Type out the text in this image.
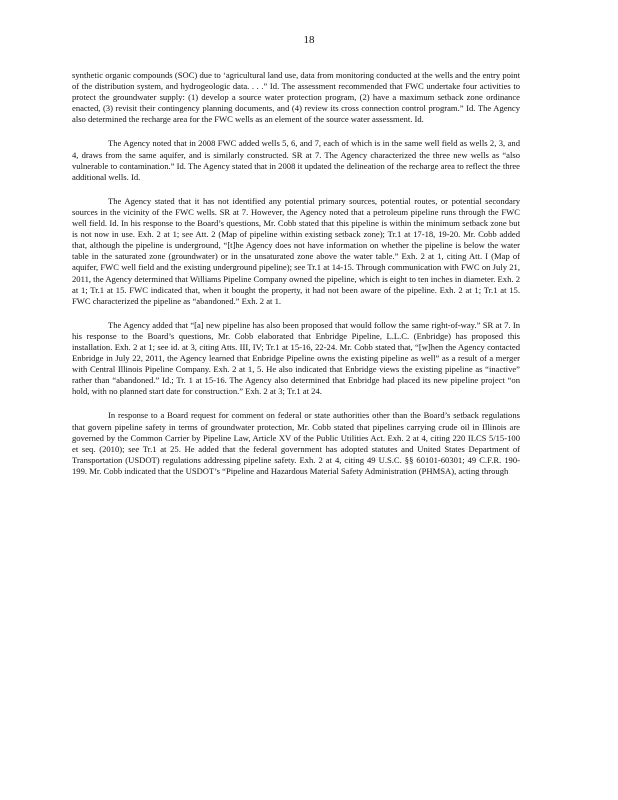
18

synthetic organic compounds (SOC) due to ‘agricultural land use, data from monitoring conducted at the wells and the entry point of the distribution system, and hydrogeologic data. . . .” Id. The assessment recommended that FWC undertake four activities to protect the groundwater supply: (1) develop a source water protection program, (2) have a maximum setback zone ordinance enacted, (3) revisit their contingency planning documents, and (4) review its cross connection control program.” Id. The Agency also determined the recharge area for the FWC wells as an element of the source water assessment. Id.

The Agency noted that in 2008 FWC added wells 5, 6, and 7, each of which is in the same well field as wells 2, 3, and 4, draws from the same aquifer, and is similarly constructed. SR at 7. The Agency characterized the three new wells as “also vulnerable to contamination.” Id. The Agency stated that in 2008 it updated the delineation of the recharge area to reflect the three additional wells. Id.

The Agency stated that it has not identified any potential primary sources, potential routes, or potential secondary sources in the vicinity of the FWC wells. SR at 7. However, the Agency noted that a petroleum pipeline runs through the FWC well field. Id. In his response to the Board’s questions, Mr. Cobb stated that this pipeline is within the minimum setback zone but is not now in use. Exh. 2 at 1; see Att. 2 (Map of pipeline within existing setback zone); Tr.1 at 17-18, 19-20. Mr. Cobb added that, although the pipeline is underground, “[t]he Agency does not have information on whether the pipeline is below the water table in the saturated zone (groundwater) or in the unsaturated zone above the water table.” Exh. 2 at 1, citing Att. I (Map of aquifer, FWC well field and the existing underground pipeline); see Tr.1 at 14-15. Through communication with FWC on July 21, 2011, the Agency determined that Williams Pipeline Company owned the pipeline, which is eight to ten inches in diameter. Exh. 2 at 1; Tr.1 at 15. FWC indicated that, when it bought the property, it had not been aware of the pipeline. Exh. 2 at 1; Tr.1 at 15. FWC characterized the pipeline as “abandoned.” Exh. 2 at 1.

The Agency added that “[a] new pipeline has also been proposed that would follow the same right-of-way.” SR at 7. In his response to the Board’s questions, Mr. Cobb elaborated that Enbridge Pipeline, L.L.C. (Enbridge) has proposed this installation. Exh. 2 at 1; see id. at 3, citing Atts. III, IV; Tr.1 at 15-16, 22-24. Mr. Cobb stated that, “[w]hen the Agency contacted Enbridge in July 22, 2011, the Agency learned that Enbridge Pipeline owns the existing pipeline as well” as a result of a merger with Central Illinois Pipeline Company. Exh. 2 at 1, 5. He also indicated that Enbridge views the existing pipeline as “inactive” rather than “abandoned.” Id.; Tr. 1 at 15-16. The Agency also determined that Enbridge had placed its new pipeline project “on hold, with no planned start date for construction.” Exh. 2 at 3; Tr.1 at 24.

In response to a Board request for comment on federal or state authorities other than the Board’s setback regulations that govern pipeline safety in terms of groundwater protection, Mr. Cobb stated that pipelines carrying crude oil in Illinois are governed by the Common Carrier by Pipeline Law, Article XV of the Public Utilities Act. Exh. 2 at 4, citing 220 ILCS 5/15-100 et seq. (2010); see Tr.1 at 25. He added that the federal government has adopted statutes and United States Department of Transportation (USDOT) regulations addressing pipeline safety. Exh. 2 at 4, citing 49 U.S.C. §§ 60101-60301; 49 C.F.R. 190-199. Mr. Cobb indicated that the USDOT’s “Pipeline and Hazardous Material Safety Administration (PHMSA), acting through
